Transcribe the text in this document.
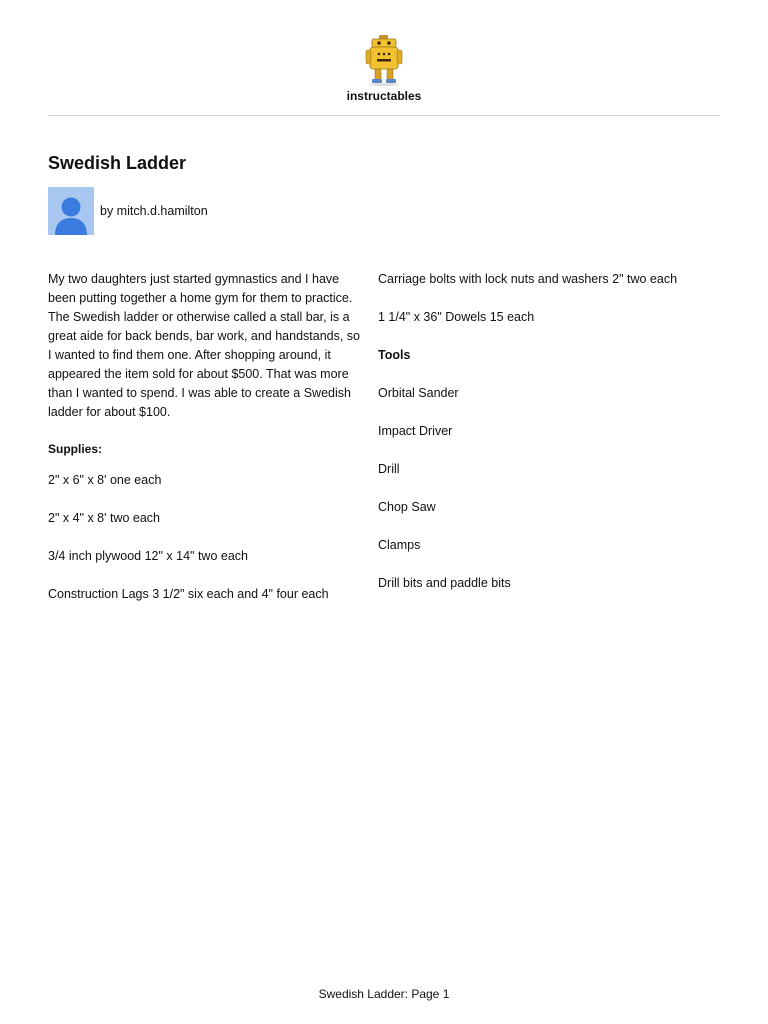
instructables
Swedish Ladder
by mitch.d.hamilton

My two daughters just started gymnastics and I have been putting together a home gym for them to practice. The Swedish ladder or otherwise called a stall bar, is a great aide for back bends, bar work, and handstands, so I wanted to find them one. After shopping around, it appeared the item sold for about $500. That was more than I wanted to spend. I was able to create a Swedish ladder for about $100.

Supplies:

2" x 6" x 8' one each

2" x 4" x 8' two each

3/4 inch plywood 12" x 14" two each

Construction Lags 3 1/2" six each and 4" four each

Carriage bolts with lock nuts and washers 2" two each

1 1/4" x 36" Dowels 15 each

Tools

Orbital Sander

Impact Driver

Drill

Chop Saw

Clamps

Drill bits and paddle bits

Swedish Ladder: Page 1
